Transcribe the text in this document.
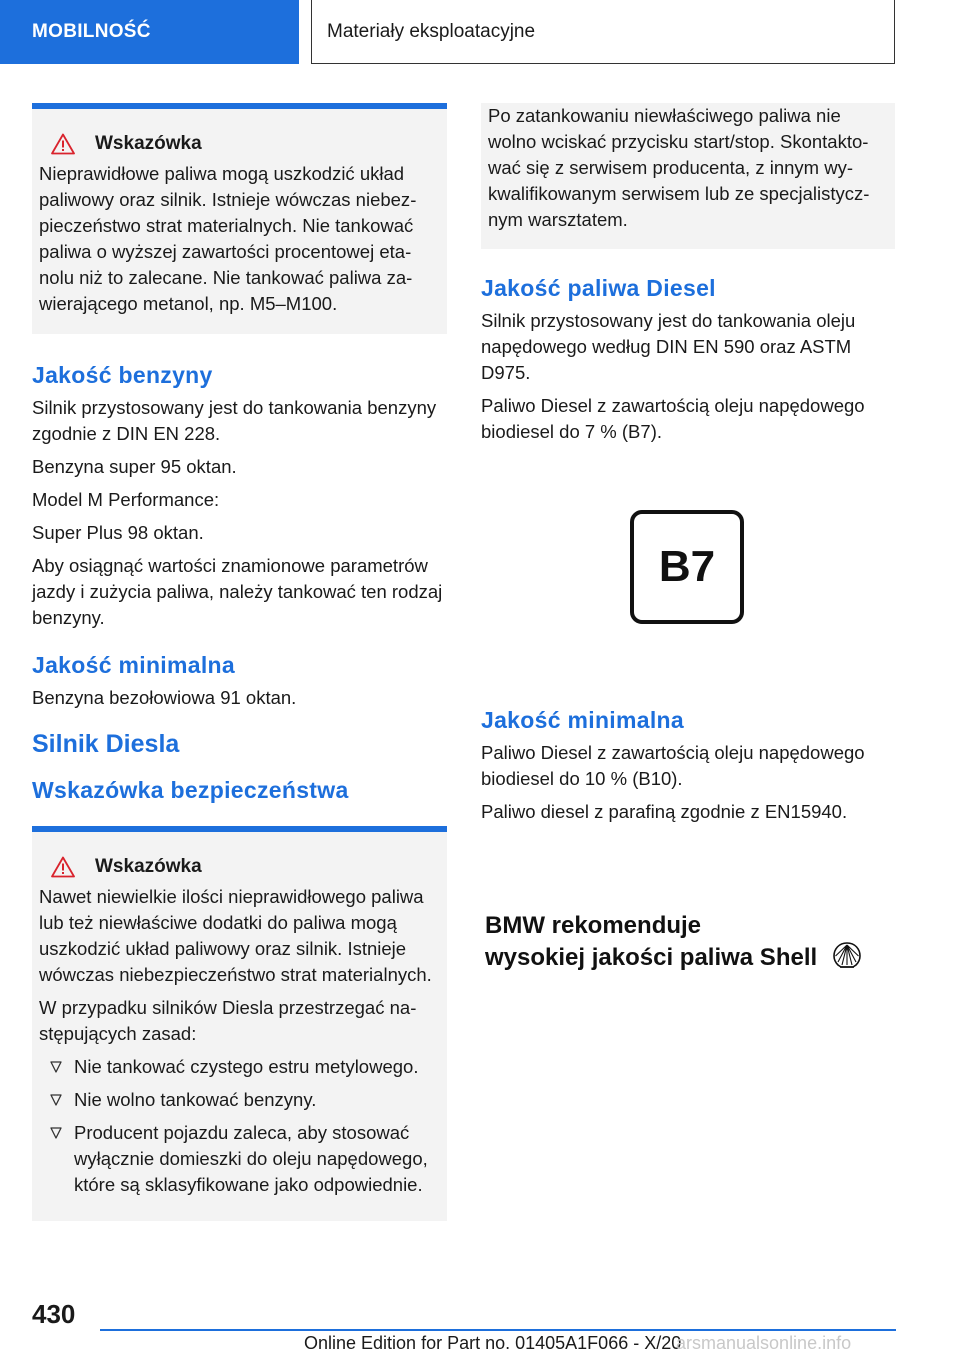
MOBILNOŚĆ	Materiały eksploatacyjne
Wskazówka

Nieprawidłowe paliwa mogą uszkodzić układ paliwowy oraz silnik. Istnieje wówczas niebezpieczeństwo strat materialnych. Nie tankować paliwa o wyższej zawartości procentowej etanolu niż to zalecane. Nie tankować paliwa zawierającego metanol, np. M5–M100.

Jakość benzyny

Silnik przystosowany jest do tankowania benzyny zgodnie z DIN EN 228.

Benzyna super 95 oktan.

Model M Performance:

Super Plus 98 oktan.

Aby osiągnąć wartości znamionowe parametrów jazdy i zużycia paliwa, należy tankować ten rodzaj benzyny.

Jakość minimalna

Benzyna bezołowiowa 91 oktan.

Silnik Diesla
Wskazówka bezpieczeństwa
Wskazówka

Nawet niewielkie ilości nieprawidłowego paliwa lub też niewłaściwe dodatki do paliwa mogą uszkodzić układ paliwowy oraz silnik. Istnieje wówczas niebezpieczeństwo strat materialnych.

W przypadku silników Diesla przestrzegać następujących zasad:

Nie tankować czystego estru metylowego.
Nie wolno tankować benzyny.
Producent pojazdu zaleca, aby stosować wyłącznie domieszki do oleju napędowego, które są sklasyfikowane jako odpowiednie.

Po zatankowaniu niewłaściwego paliwa nie wolno wciskać przycisku start/stop. Skontaktować się z serwisem producenta, z innym wykwalifikowanym serwisem lub ze specjalistycznym warsztatem.

Jakość paliwa Diesel

Silnik przystosowany jest do tankowania oleju napędowego według DIN EN 590 oraz ASTM D975.

Paliwo Diesel z zawartością oleju napędowego biodiesel do 7 % (B7).

B7
Jakość minimalna

Paliwo Diesel z zawartością oleju napędowego biodiesel do 10 % (B10).

Paliwo diesel z parafiną zgodnie z EN15940.

BMW rekomenduje
wysokiej jakości paliwa Shell
430
Online Edition for Part no. 01405A1F066 - X/20
arsmanualsonline.info
